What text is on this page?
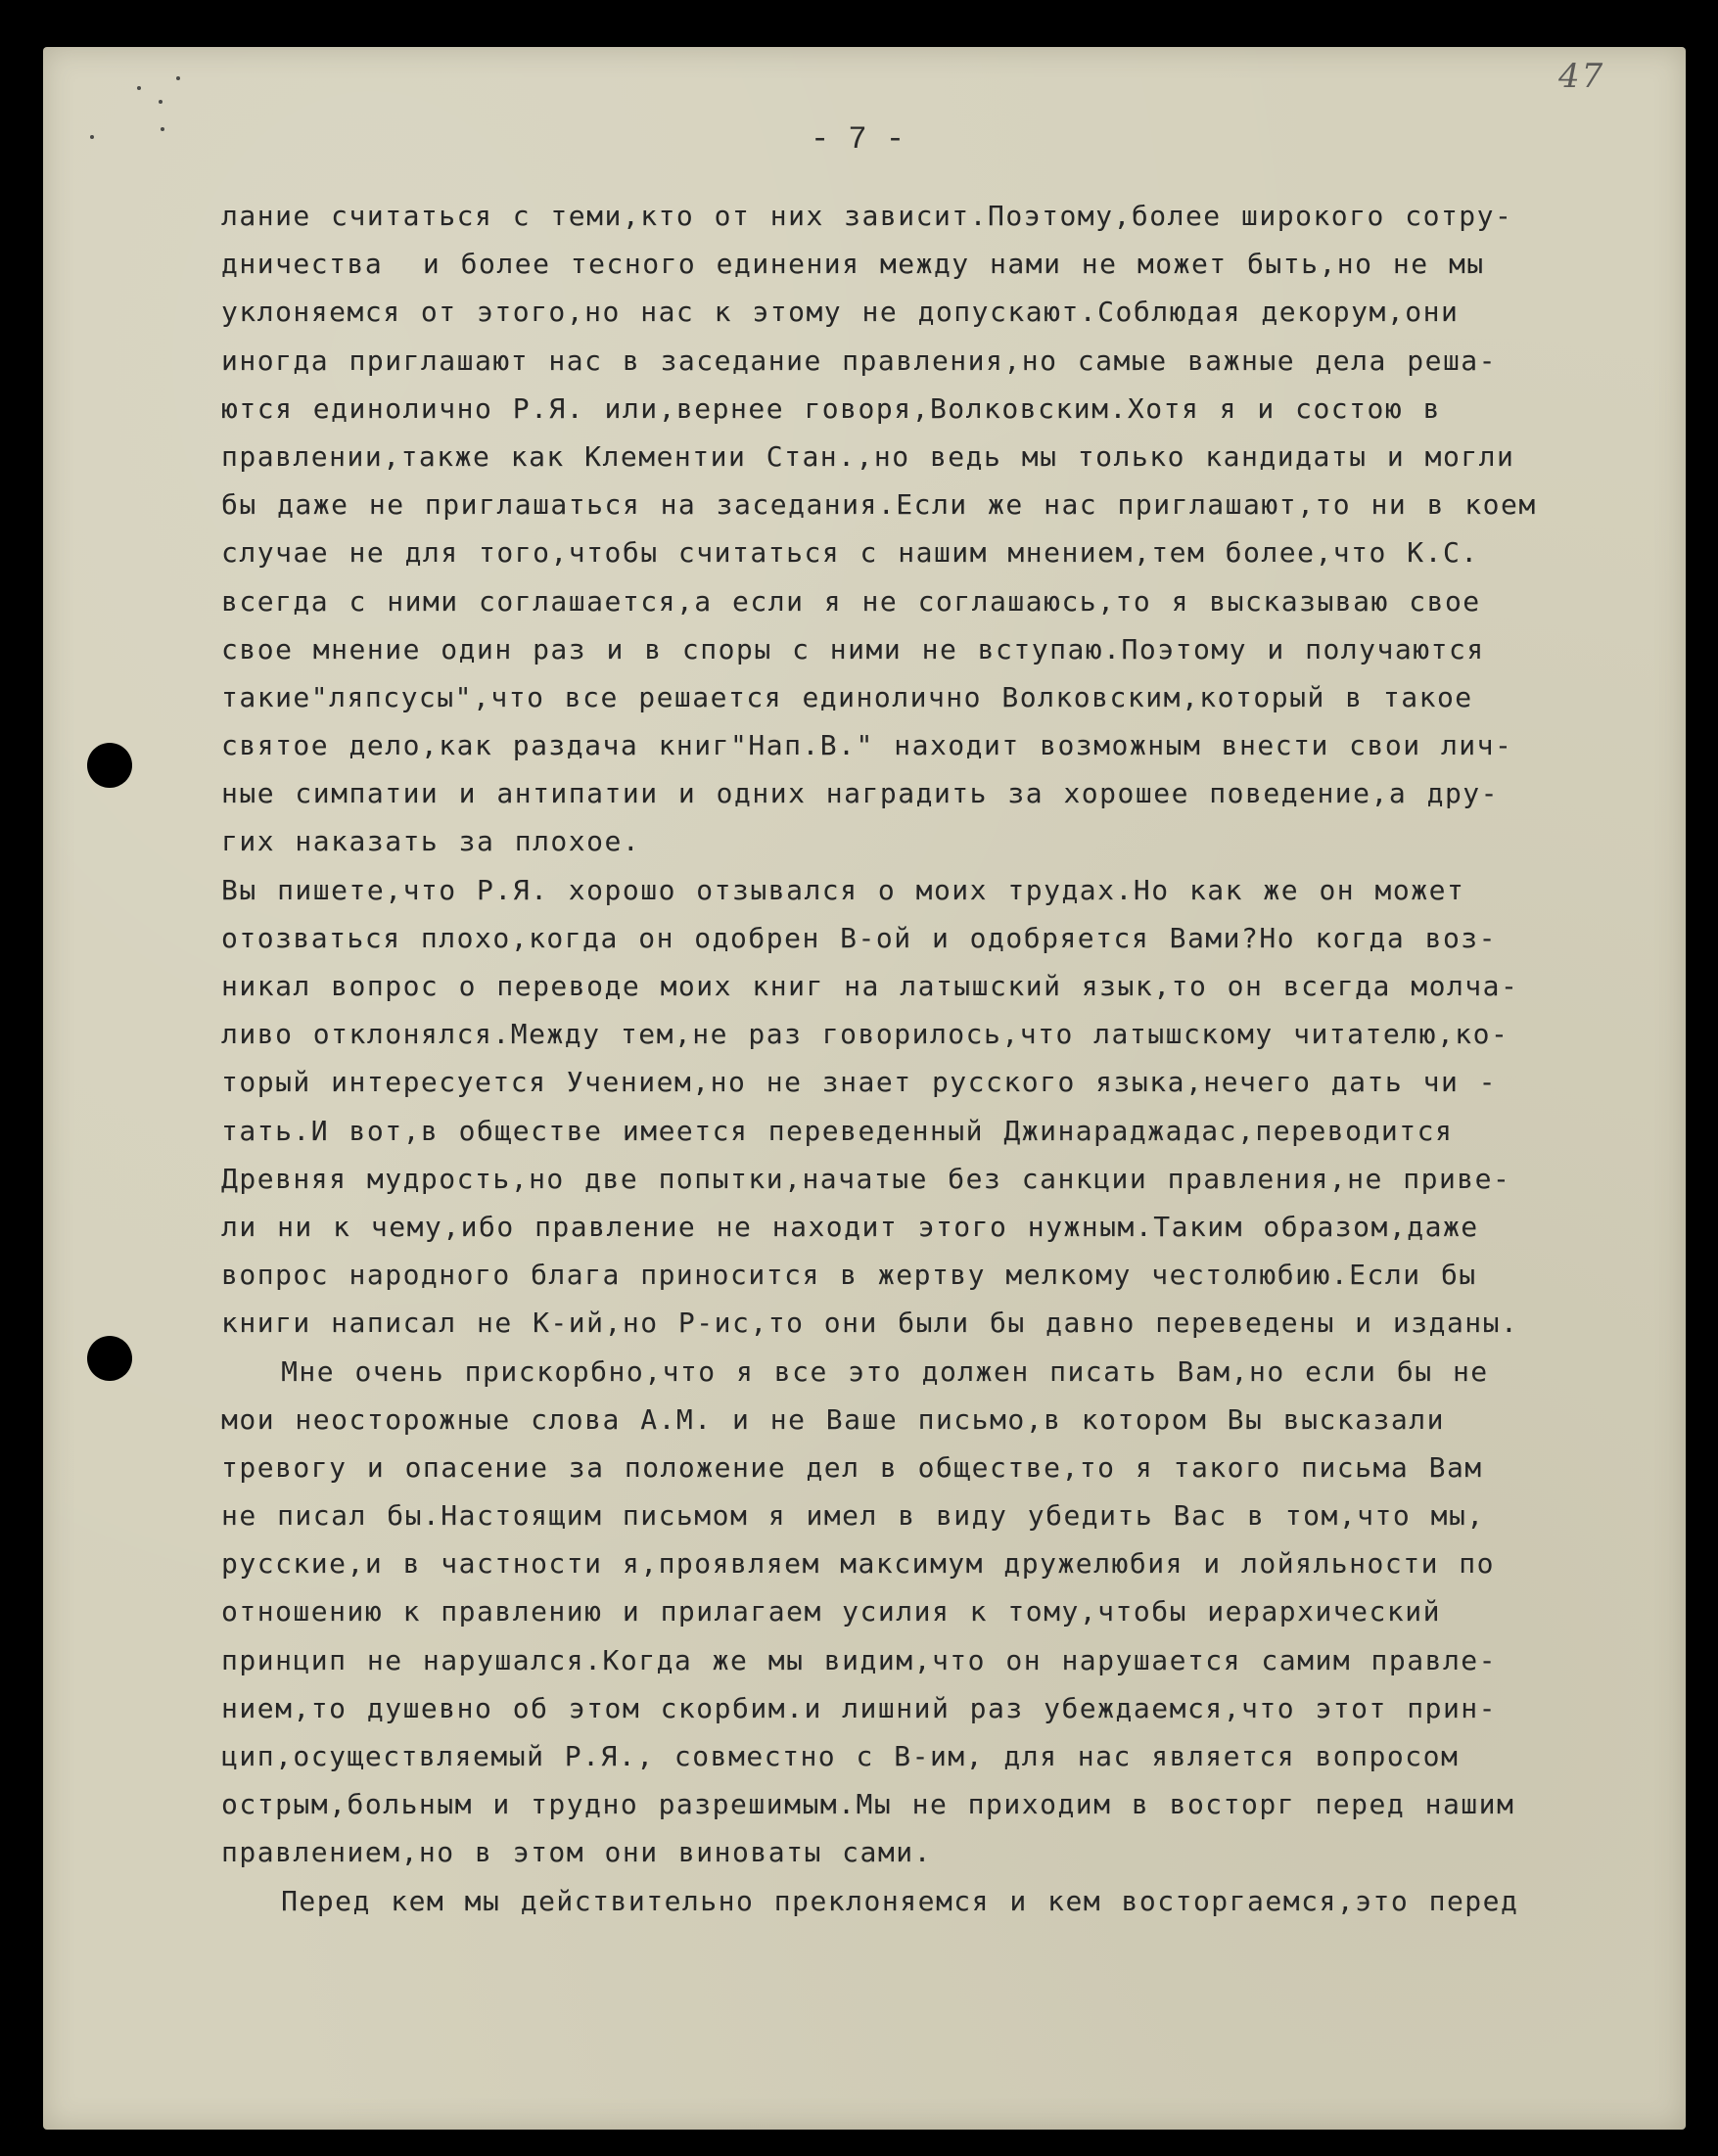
47
- 7 -
лание считаться с теми,кто от них зависит.Поэтому,более широкого сотру-
дничества  и более тесного единения между нами не может быть,но не мы
уклоняемся от этого,но нас к этому не допускают.Соблюдая декорум,они
иногда приглашают нас в заседание правления,но самые важные дела реша-
ются единолично Р.Я. или,вернее говоря,Волковским.Хотя я и состою в
правлении,также как Клементии Стан.,но ведь мы только кандидаты и могли
бы даже не приглашаться на заседания.Если же нас приглашают,то ни в коем
случае не для того,чтобы считаться с нашим мнением,тем более,что К.С.
всегда с ними соглашается,а если я не соглашаюсь,то я высказываю свое
свое мнение один раз и в споры с ними не вступаю.Поэтому и получаются
такие"ляпсусы",что все решается единолично Волковским,который в такое
святое дело,как раздача книг"Нап.В." находит возможным внести свои лич-
ные симпатии и антипатии и одних наградить за хорошее поведение,а дру-
гих наказать за плохое.
Вы пишете,что Р.Я. хорошо отзывался о моих трудах.Но как же он может
отозваться плохо,когда он одобрен В-ой и одобряется Вами?Но когда воз-
никал вопрос о переводе моих книг на латышский язык,то он всегда молча-
ливо отклонялся.Между тем,не раз говорилось,что латышскому читателю,ко-
торый интересуется Учением,но не знает русского языка,нечего дать чи -
тать.И вот,в обществе имеется переведенный Джинараджадас,переводится
Древняя мудрость,но две попытки,начатые без санкции правления,не приве-
ли ни к чему,ибо правление не находит этого нужным.Таким образом,даже
вопрос народного блага приносится в жертву мелкому честолюбию.Если бы
книги написал не К-ий,но Р-ис,то они были бы давно переведены и изданы.
Мне очень прискорбно,что я все это должен писать Вам,но если бы не
мои неосторожные слова А.М. и не Ваше письмо,в котором Вы высказали
тревогу и опасение за положение дел в обществе,то я такого письма Вам
не писал бы.Настоящим письмом я имел в виду убедить Вас в том,что мы,
русские,и в частности я,проявляем максимум дружелюбия и лойяльности по
отношению к правлению и прилагаем усилия к тому,чтобы иерархический
принцип не нарушался.Когда же мы видим,что он нарушается самим правле-
нием,то душевно об этом скорбим.и лишний раз убеждаемся,что этот прин-
цип,осуществляемый Р.Я., совместно с В-им, для нас является вопросом
острым,больным и трудно разрешимым.Мы не приходим в восторг перед нашим
правлением,но в этом они виноваты сами.
Перед кем мы действительно преклоняемся и кем восторгаемся,это перед
